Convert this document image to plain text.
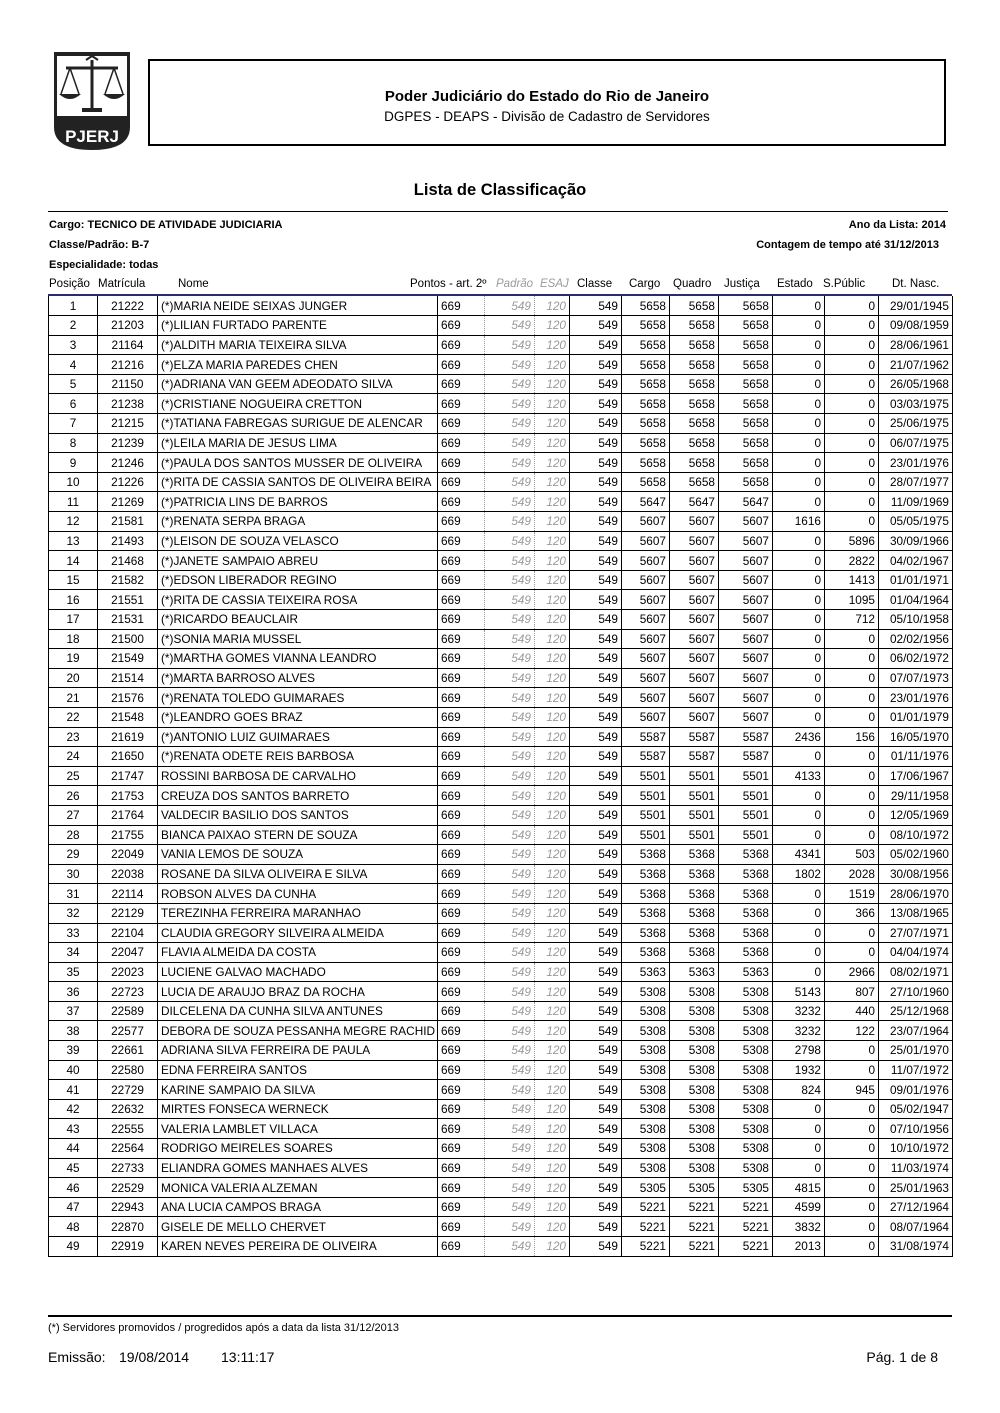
PJERJ
Poder Judiciário do Estado do Rio de Janeiro
DGPES - DEAPS - Divisão de Cadastro de Servidores
Lista de Classificação
Cargo: TECNICO DE ATIVIDADE JUDICIARIA	Ano da Lista: 2014
Classe/Padrão: B-7	Contagem de tempo até 31/12/2013
Especialidade: todas
Posição Matrícula	Nome	Pontos - art. 2º Padrão ESAJ Classe Cargo Quadro Justiça Estado S.Públic Dt. Nasc.
1	21222	(*)MARIA NEIDE SEIXAS JUNGER	669	549	120	549	5658	5658	5658	0	0	29/01/1945
2	21203	(*)LILIAN FURTADO PARENTE	669	549	120	549	5658	5658	5658	0	0	09/08/1959
3	21164	(*)ALDITH MARIA TEIXEIRA SILVA	669	549	120	549	5658	5658	5658	0	0	28/06/1961
4	21216	(*)ELZA MARIA PAREDES CHEN	669	549	120	549	5658	5658	5658	0	0	21/07/1962
5	21150	(*)ADRIANA VAN GEEM ADEODATO SILVA	669	549	120	549	5658	5658	5658	0	0	26/05/1968
6	21238	(*)CRISTIANE NOGUEIRA CRETTON	669	549	120	549	5658	5658	5658	0	0	03/03/1975
7	21215	(*)TATIANA FABREGAS SURIGUE DE ALENCAR	669	549	120	549	5658	5658	5658	0	0	25/06/1975
8	21239	(*)LEILA MARIA DE JESUS LIMA	669	549	120	549	5658	5658	5658	0	0	06/07/1975
9	21246	(*)PAULA DOS SANTOS MUSSER DE OLIVEIRA	669	549	120	549	5658	5658	5658	0	0	23/01/1976
10	21226	(*)RITA DE CASSIA SANTOS DE OLIVEIRA BEIRA	669	549	120	549	5658	5658	5658	0	0	28/07/1977
11	21269	(*)PATRICIA LINS DE BARROS	669	549	120	549	5647	5647	5647	0	0	11/09/1969
12	21581	(*)RENATA SERPA BRAGA	669	549	120	549	5607	5607	5607	1616	0	05/05/1975
13	21493	(*)LEISON DE SOUZA VELASCO	669	549	120	549	5607	5607	5607	0	5896	30/09/1966
14	21468	(*)JANETE SAMPAIO ABREU	669	549	120	549	5607	5607	5607	0	2822	04/02/1967
15	21582	(*)EDSON LIBERADOR REGINO	669	549	120	549	5607	5607	5607	0	1413	01/01/1971
16	21551	(*)RITA DE CASSIA TEIXEIRA ROSA	669	549	120	549	5607	5607	5607	0	1095	01/04/1964
17	21531	(*)RICARDO BEAUCLAIR	669	549	120	549	5607	5607	5607	0	712	05/10/1958
18	21500	(*)SONIA MARIA MUSSEL	669	549	120	549	5607	5607	5607	0	0	02/02/1956
19	21549	(*)MARTHA GOMES VIANNA LEANDRO	669	549	120	549	5607	5607	5607	0	0	06/02/1972
20	21514	(*)MARTA BARROSO ALVES	669	549	120	549	5607	5607	5607	0	0	07/07/1973
21	21576	(*)RENATA TOLEDO GUIMARAES	669	549	120	549	5607	5607	5607	0	0	23/01/1976
22	21548	(*)LEANDRO GOES BRAZ	669	549	120	549	5607	5607	5607	0	0	01/01/1979
23	21619	(*)ANTONIO LUIZ GUIMARAES	669	549	120	549	5587	5587	5587	2436	156	16/05/1970
24	21650	(*)RENATA ODETE REIS BARBOSA	669	549	120	549	5587	5587	5587	0	0	01/11/1976
25	21747	ROSSINI BARBOSA DE CARVALHO	669	549	120	549	5501	5501	5501	4133	0	17/06/1967
26	21753	CREUZA DOS SANTOS BARRETO	669	549	120	549	5501	5501	5501	0	0	29/11/1958
27	21764	VALDECIR BASILIO DOS SANTOS	669	549	120	549	5501	5501	5501	0	0	12/05/1969
28	21755	BIANCA PAIXAO STERN DE SOUZA	669	549	120	549	5501	5501	5501	0	0	08/10/1972
29	22049	VANIA LEMOS DE SOUZA	669	549	120	549	5368	5368	5368	4341	503	05/02/1960
30	22038	ROSANE DA SILVA OLIVEIRA E SILVA	669	549	120	549	5368	5368	5368	1802	2028	30/08/1956
31	22114	ROBSON ALVES DA CUNHA	669	549	120	549	5368	5368	5368	0	1519	28/06/1970
32	22129	TEREZINHA FERREIRA MARANHAO	669	549	120	549	5368	5368	5368	0	366	13/08/1965
33	22104	CLAUDIA GREGORY SILVEIRA ALMEIDA	669	549	120	549	5368	5368	5368	0	0	27/07/1971
34	22047	FLAVIA ALMEIDA DA COSTA	669	549	120	549	5368	5368	5368	0	0	04/04/1974
35	22023	LUCIENE GALVAO MACHADO	669	549	120	549	5363	5363	5363	0	2966	08/02/1971
36	22723	LUCIA DE ARAUJO BRAZ DA ROCHA	669	549	120	549	5308	5308	5308	5143	807	27/10/1960
37	22589	DILCELENA DA CUNHA SILVA ANTUNES	669	549	120	549	5308	5308	5308	3232	440	25/12/1968
38	22577	DEBORA DE SOUZA PESSANHA MEGRE RACHID	669	549	120	549	5308	5308	5308	3232	122	23/07/1964
39	22661	ADRIANA SILVA FERREIRA DE PAULA	669	549	120	549	5308	5308	5308	2798	0	25/01/1970
40	22580	EDNA FERREIRA SANTOS	669	549	120	549	5308	5308	5308	1932	0	11/07/1972
41	22729	KARINE SAMPAIO DA SILVA	669	549	120	549	5308	5308	5308	824	945	09/01/1976
42	22632	MIRTES FONSECA WERNECK	669	549	120	549	5308	5308	5308	0	0	05/02/1947
43	22555	VALERIA LAMBLET VILLACA	669	549	120	549	5308	5308	5308	0	0	07/10/1956
44	22564	RODRIGO MEIRELES SOARES	669	549	120	549	5308	5308	5308	0	0	10/10/1972
45	22733	ELIANDRA GOMES MANHAES ALVES	669	549	120	549	5308	5308	5308	0	0	11/03/1974
46	22529	MONICA VALERIA ALZEMAN	669	549	120	549	5305	5305	5305	4815	0	25/01/1963
47	22943	ANA LUCIA CAMPOS BRAGA	669	549	120	549	5221	5221	5221	4599	0	27/12/1964
48	22870	GISELE DE MELLO CHERVET	669	549	120	549	5221	5221	5221	3832	0	08/07/1964
49	22919	KAREN NEVES PEREIRA DE OLIVEIRA	669	549	120	549	5221	5221	5221	2013	0	31/08/1974
(*) Servidores promovidos / progredidos após a data da lista 31/12/2013
Emissão: 19/08/2014 13:11:17	Pág. 1 de 8
